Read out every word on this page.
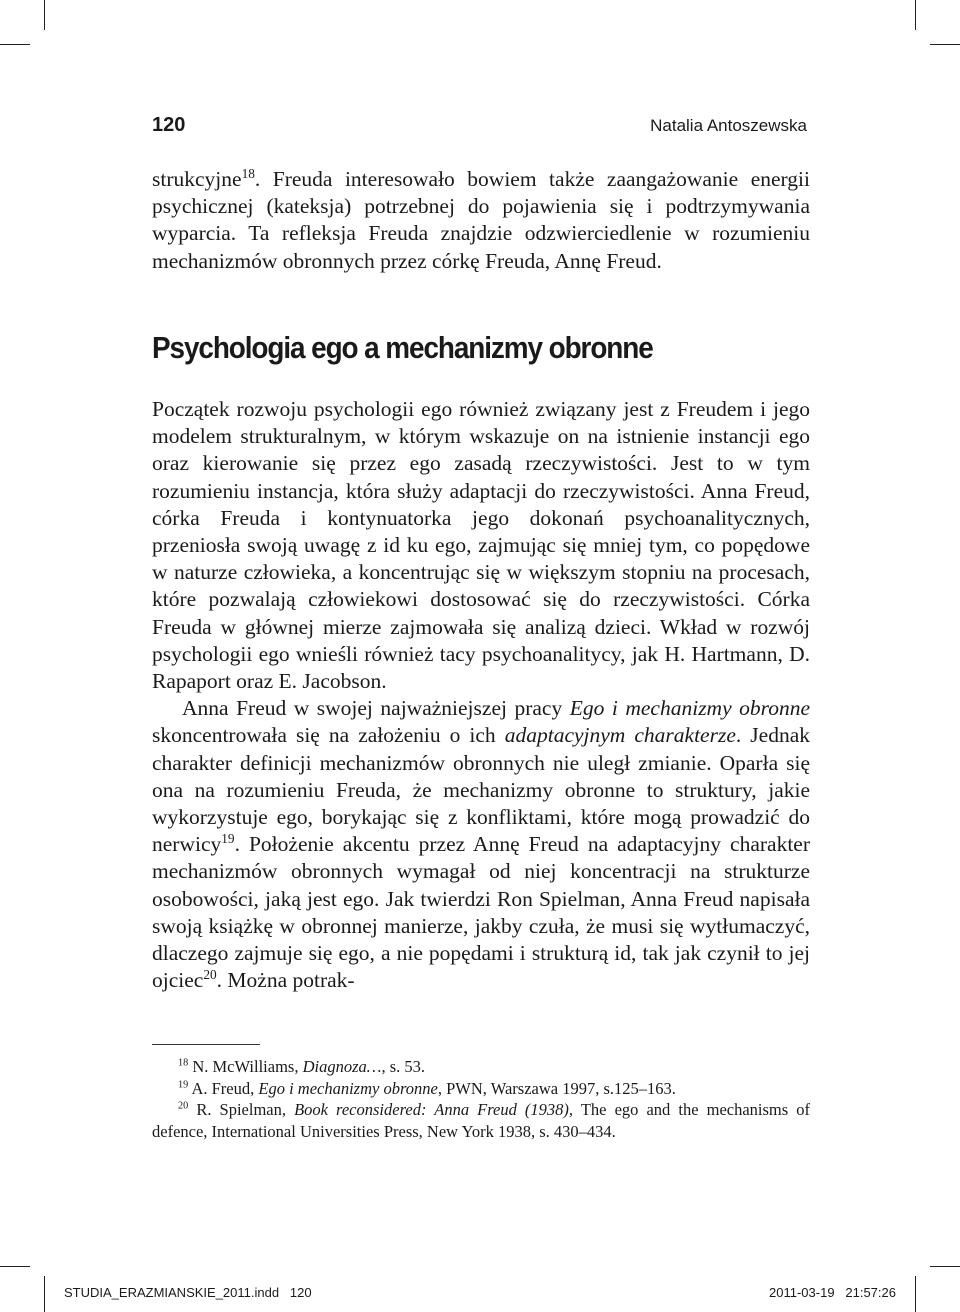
120	Natalia Antoszewska

strukcyjne$^{18}$. Freuda interesowało bowiem także zaangażowanie energii psychicznej (kateksja) potrzebnej do pojawienia się i podtrzymywania wyparcia. Ta refleksja Freuda znajdzie odzwierciedlenie w rozumieniu mechanizmów obronnych przez córkę Freuda, Annę Freud.

Psychologia ego a mechanizmy obronne

Początek rozwoju psychologii ego również związany jest z Freudem i jego modelem strukturalnym, w którym wskazuje on na istnienie instancji ego oraz kierowanie się przez ego zasadą rzeczywistości. Jest to w tym rozumieniu instancja, która służy adaptacji do rzeczywistości. Anna Freud, córka Freuda i kontynuatorka jego dokonań psychoanalitycznych, przeniosła swoją uwagę z id ku ego, zajmując się mniej tym, co popędowe w naturze człowieka, a koncentrując się w większym stopniu na procesach, które pozwalają człowiekowi dostosować się do rzeczywistości. Córka Freuda w głównej mierze zajmowała się analizą dzieci. Wkład w rozwój psychologii ego wnieśli również tacy psychoanalitycy, jak H. Hartmann, D. Rapaport oraz E. Jacobson.

Anna Freud w swojej najważniejszej pracy Ego i mechanizmy obronne skoncentrowała się na założeniu o ich adaptacyjnym charakterze. Jednak charakter definicji mechanizmów obronnych nie uległ zmianie. Oparła się ona na rozumieniu Freuda, że mechanizmy obronne to struktury, jakie wykorzystuje ego, borykając się z konfliktami, które mogą prowadzić do nerwicy$^{19}$. Położenie akcentu przez Annę Freud na adaptacyjny charakter mechanizmów obronnych wymagał od niej koncentracji na strukturze osobowości, jaką jest ego. Jak twierdzi Ron Spielman, Anna Freud napisała swoją książkę w obronnej manierze, jakby czuła, że musi się wytłumaczyć, dlaczego zajmuje się ego, a nie popędami i strukturą id, tak jak czynił to jej ojciec$^{20}$. Można potrak-

$^{18}$ N. McWilliams, Diagnoza…, s. 53.

$^{19}$ A. Freud, Ego i mechanizmy obronne, PWN, Warszawa 1997, s.125–163.

$^{20}$ R. Spielman, Book reconsidered: Anna Freud (1938), The ego and the mechanisms of defence, International Universities Press, New York 1938, s. 430–434.

STUDIA_ERAZMIANSKIE_2011.indd   120	2011-03-19   21:57:26
